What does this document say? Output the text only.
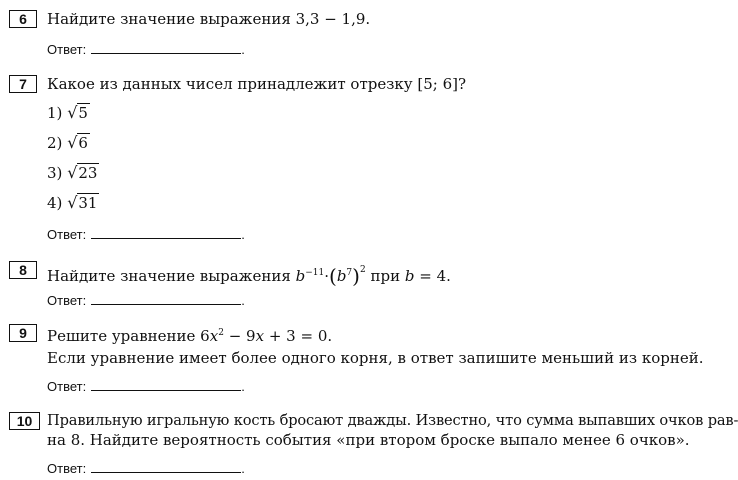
6	Найдите значение выражения 3,3 − 1,9.
Ответ:	.
7	Какое из данных чисел принадлежит отрезку [5; 6]?
1) √5
2) √6
3) √23
4) √31
Ответ:	.
8	Найдите значение выражения $b^{-11}\cdot(b^7)^2$ при b = 4.
Ответ:	.
9	Решите уравнение $6x^2 - 9x + 3 = 0$.
Если уравнение имеет более одного корня, в ответ запишите меньший из корней.
Ответ:	.
10	Правильную игральную кость бросают дважды. Известно, что сумма выпавших очков рав-
на 8. Найдите вероятность события «при втором броске выпало менее 6 очков».
Ответ:	.
